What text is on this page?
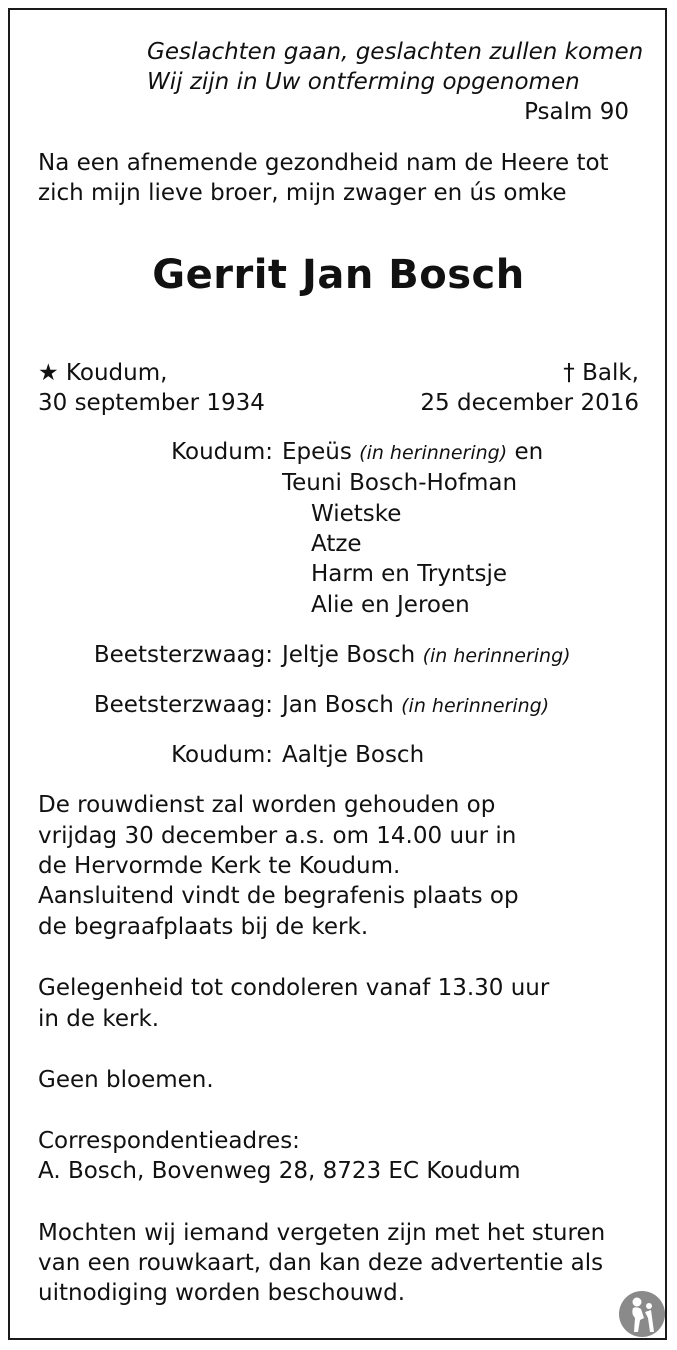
Geslachten gaan, geslachten zullen komen
Wij zijn in Uw ontferming opgenomen
Psalm 90
Na een afnemende gezondheid nam de Heere tot
zich mijn lieve broer, mijn zwager en ús omke
Gerrit Jan Bosch
★ Koudum,
30 september 1934
† Balk,
25 december 2016
Koudum: Epeüs (in herinnering) en
Teuni Bosch-Hofman
Wietske
Atze
Harm en Tryntsje
Alie en Jeroen
Beetsterzwaag: Jeltje Bosch (in herinnering)
Beetsterzwaag: Jan Bosch (in herinnering)
Koudum: Aaltje Bosch
De rouwdienst zal worden gehouden op
vrijdag 30 december a.s. om 14.00 uur in
de Hervormde Kerk te Koudum.
Aansluitend vindt de begrafenis plaats op
de begraafplaats bij de kerk.
Gelegenheid tot condoleren vanaf 13.30 uur
in de kerk.
Geen bloemen.
Correspondentieadres:
A. Bosch, Bovenweg 28, 8723 EC Koudum
Mochten wij iemand vergeten zijn met het sturen
van een rouwkaart, dan kan deze advertentie als
uitnodiging worden beschouwd.
